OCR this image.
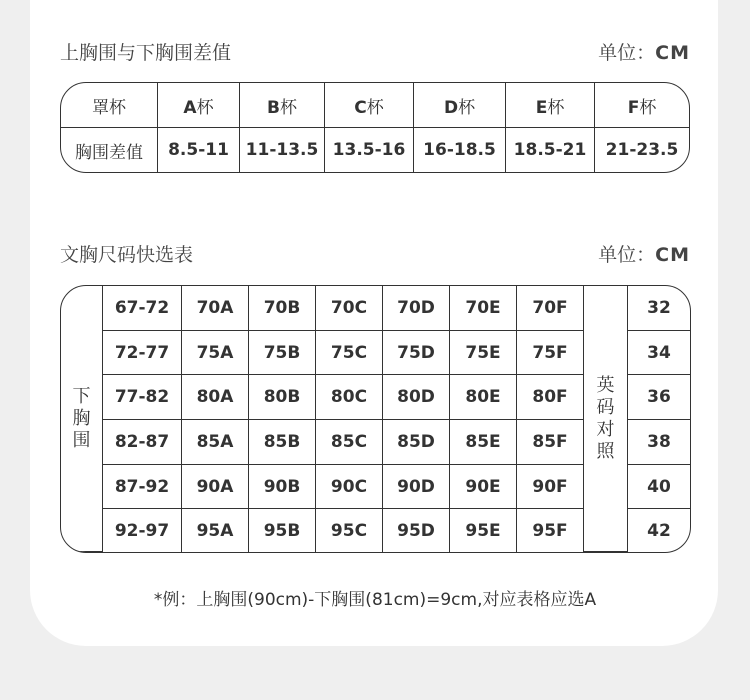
上胸围与下胸围差值	单位：CM
罩杯	A杯	B杯	C杯	D杯	E杯	F杯
胸围差值	8.5-11	11-13.5	13.5-16	16-18.5	18.5-21	21-23.5
文胸尺码快选表	单位：CM
下胸围	67-72	70A	70B	70C	70D	70E	70F	英码对照	32
	72-77	75A	75B	75C	75D	75E	75F		34
	77-82	80A	80B	80C	80D	80E	80F		36
	82-87	85A	85B	85C	85D	85E	85F		38
	87-92	90A	90B	90C	90D	90E	90F		40
	92-97	95A	95B	95C	95D	95E	95F		42
*例：上胸围(90cm)-下胸围(81cm)=9cm,对应表格应选A
